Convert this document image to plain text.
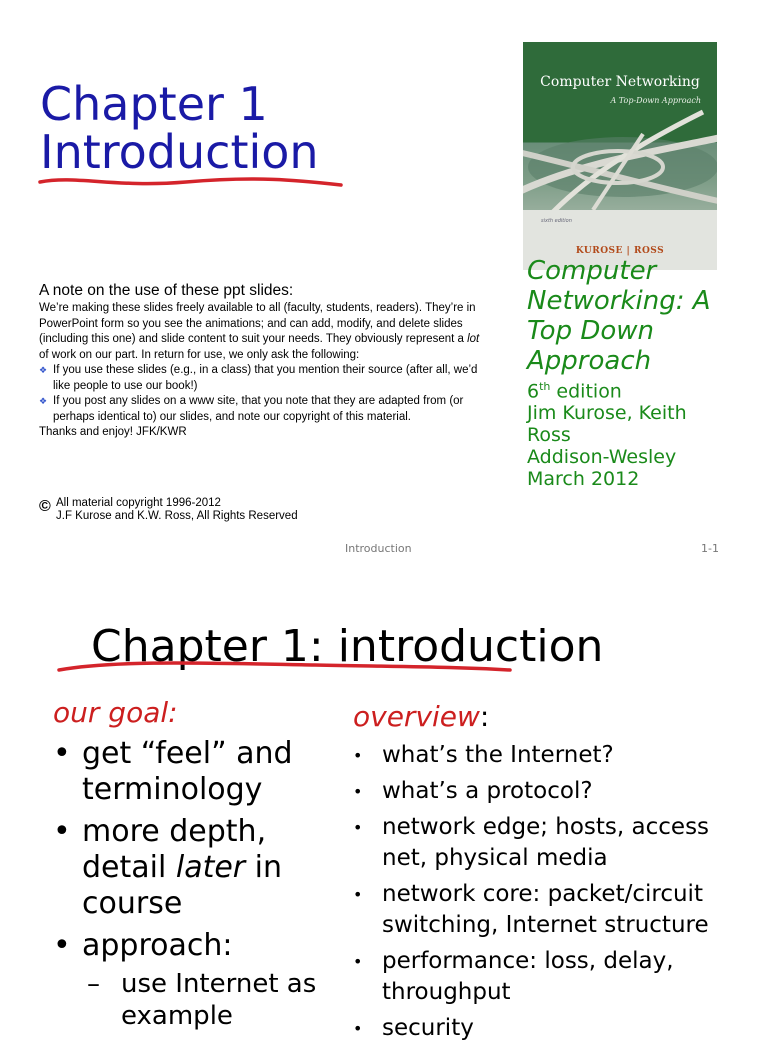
Chapter 1
Introduction
Computer Networking
A Top-Down Approach
sixth edition
KUROSE | ROSS
A note on the use of these ppt slides:

We’re making these slides freely available to all (faculty, students, readers). They’re in PowerPoint form so you see the animations; and can add, modify, and delete slides (including this one) and slide content to suit your needs. They obviously represent a lot of work on our part. In return for use, we only ask the following:

❖ If you use these slides (e.g., in a class) that you mention their source (after all, we’d like people to use our book!)
❖ If you post any slides on a www site, that you note that they are adapted from (or perhaps identical to) our slides, and note our copyright of this material.

Thanks and enjoy! JFK/KWR

© All material copyright 1996-2012
J.F Kurose and K.W. Ross, All Rights Reserved
Computer
Networking: A
Top Down
Approach
6th edition
Jim Kurose, Keith
Ross
Addison-Wesley
March 2012
Introduction	1-1
Chapter 1: introduction
our goal:
• get “feel” and terminology
• more depth, detail later in course
• approach:
– use Internet as example
overview:
• what’s the Internet?
• what’s a protocol?
• network edge; hosts, access net, physical media
• network core: packet/circuit switching, Internet structure
• performance: loss, delay, throughput
• security
